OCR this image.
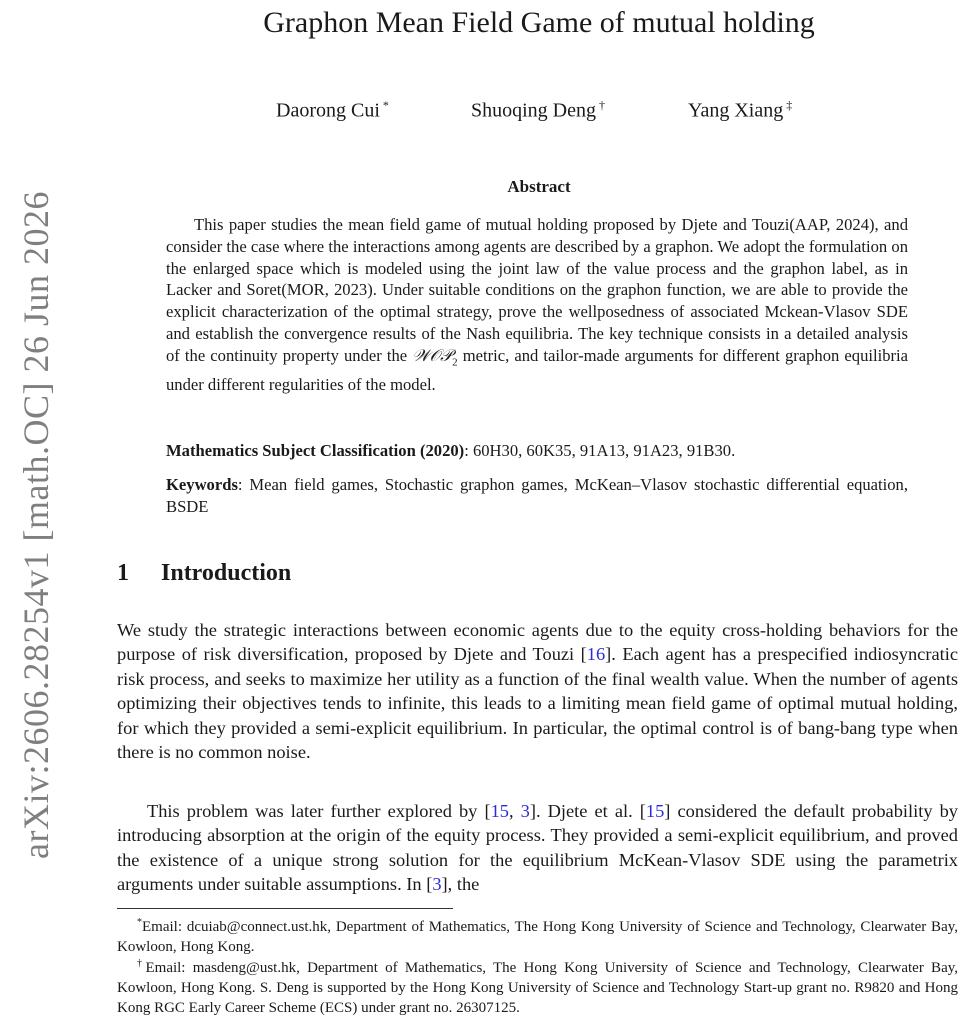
arXiv:2606.28254v1 [math.OC] 26 Jun 2026
Graphon Mean Field Game of mutual holding
Daorong Cui *	Shuoqing Deng †	Yang Xiang ‡
Abstract

This paper studies the mean field game of mutual holding proposed by Djete and Touzi(AAP, 2024), and consider the case where the interactions among agents are described by a graphon. We adopt the formulation on the enlarged space which is modeled using the joint law of the value process and the graphon label, as in Lacker and Soret(MOR, 2023). Under suitable conditions on the graphon function, we are able to provide the explicit characterization of the optimal strategy, prove the wellposedness of associated Mckean-Vlasov SDE and establish the convergence results of the Nash equilibria. The key technique consists in a detailed analysis of the continuity property under the 𝒲𝒪𝒫$_2$ metric, and tailor-made arguments for different graphon equilibria under different regularities of the model.

Mathematics Subject Classification (2020): 60H30, 60K35, 91A13, 91A23, 91B30.

Keywords: Mean field games, Stochastic graphon games, McKean–Vlasov stochastic differential equation, BSDE

1 Introduction

We study the strategic interactions between economic agents due to the equity cross-holding behaviors for the purpose of risk diversification, proposed by Djete and Touzi [16]. Each agent has a prespecified indiosyncratic risk process, and seeks to maximize her utility as a function of the final wealth value. When the number of agents optimizing their objectives tends to infinite, this leads to a limiting mean field game of optimal mutual holding, for which they provided a semi-explicit equilibrium. In particular, the optimal control is of bang-bang type when there is no common noise.

This problem was later further explored by [15, 3]. Djete et al. [15] considered the default probability by introducing absorption at the origin of the equity process. They provided a semi-explicit equilibrium, and proved the existence of a unique strong solution for the equilibrium McKean-Vlasov SDE using the parametrix arguments under suitable assumptions. In [3], the

*Email: dcuiab@connect.ust.hk, Department of Mathematics, The Hong Kong University of Science and Technology, Clearwater Bay, Kowloon, Hong Kong.

†Email: masdeng@ust.hk, Department of Mathematics, The Hong Kong University of Science and Technology, Clearwater Bay, Kowloon, Hong Kong. S. Deng is supported by the Hong Kong University of Science and Technology Start-up grant no. R9820 and Hong Kong RGC Early Career Scheme (ECS) under grant no. 26307125.
